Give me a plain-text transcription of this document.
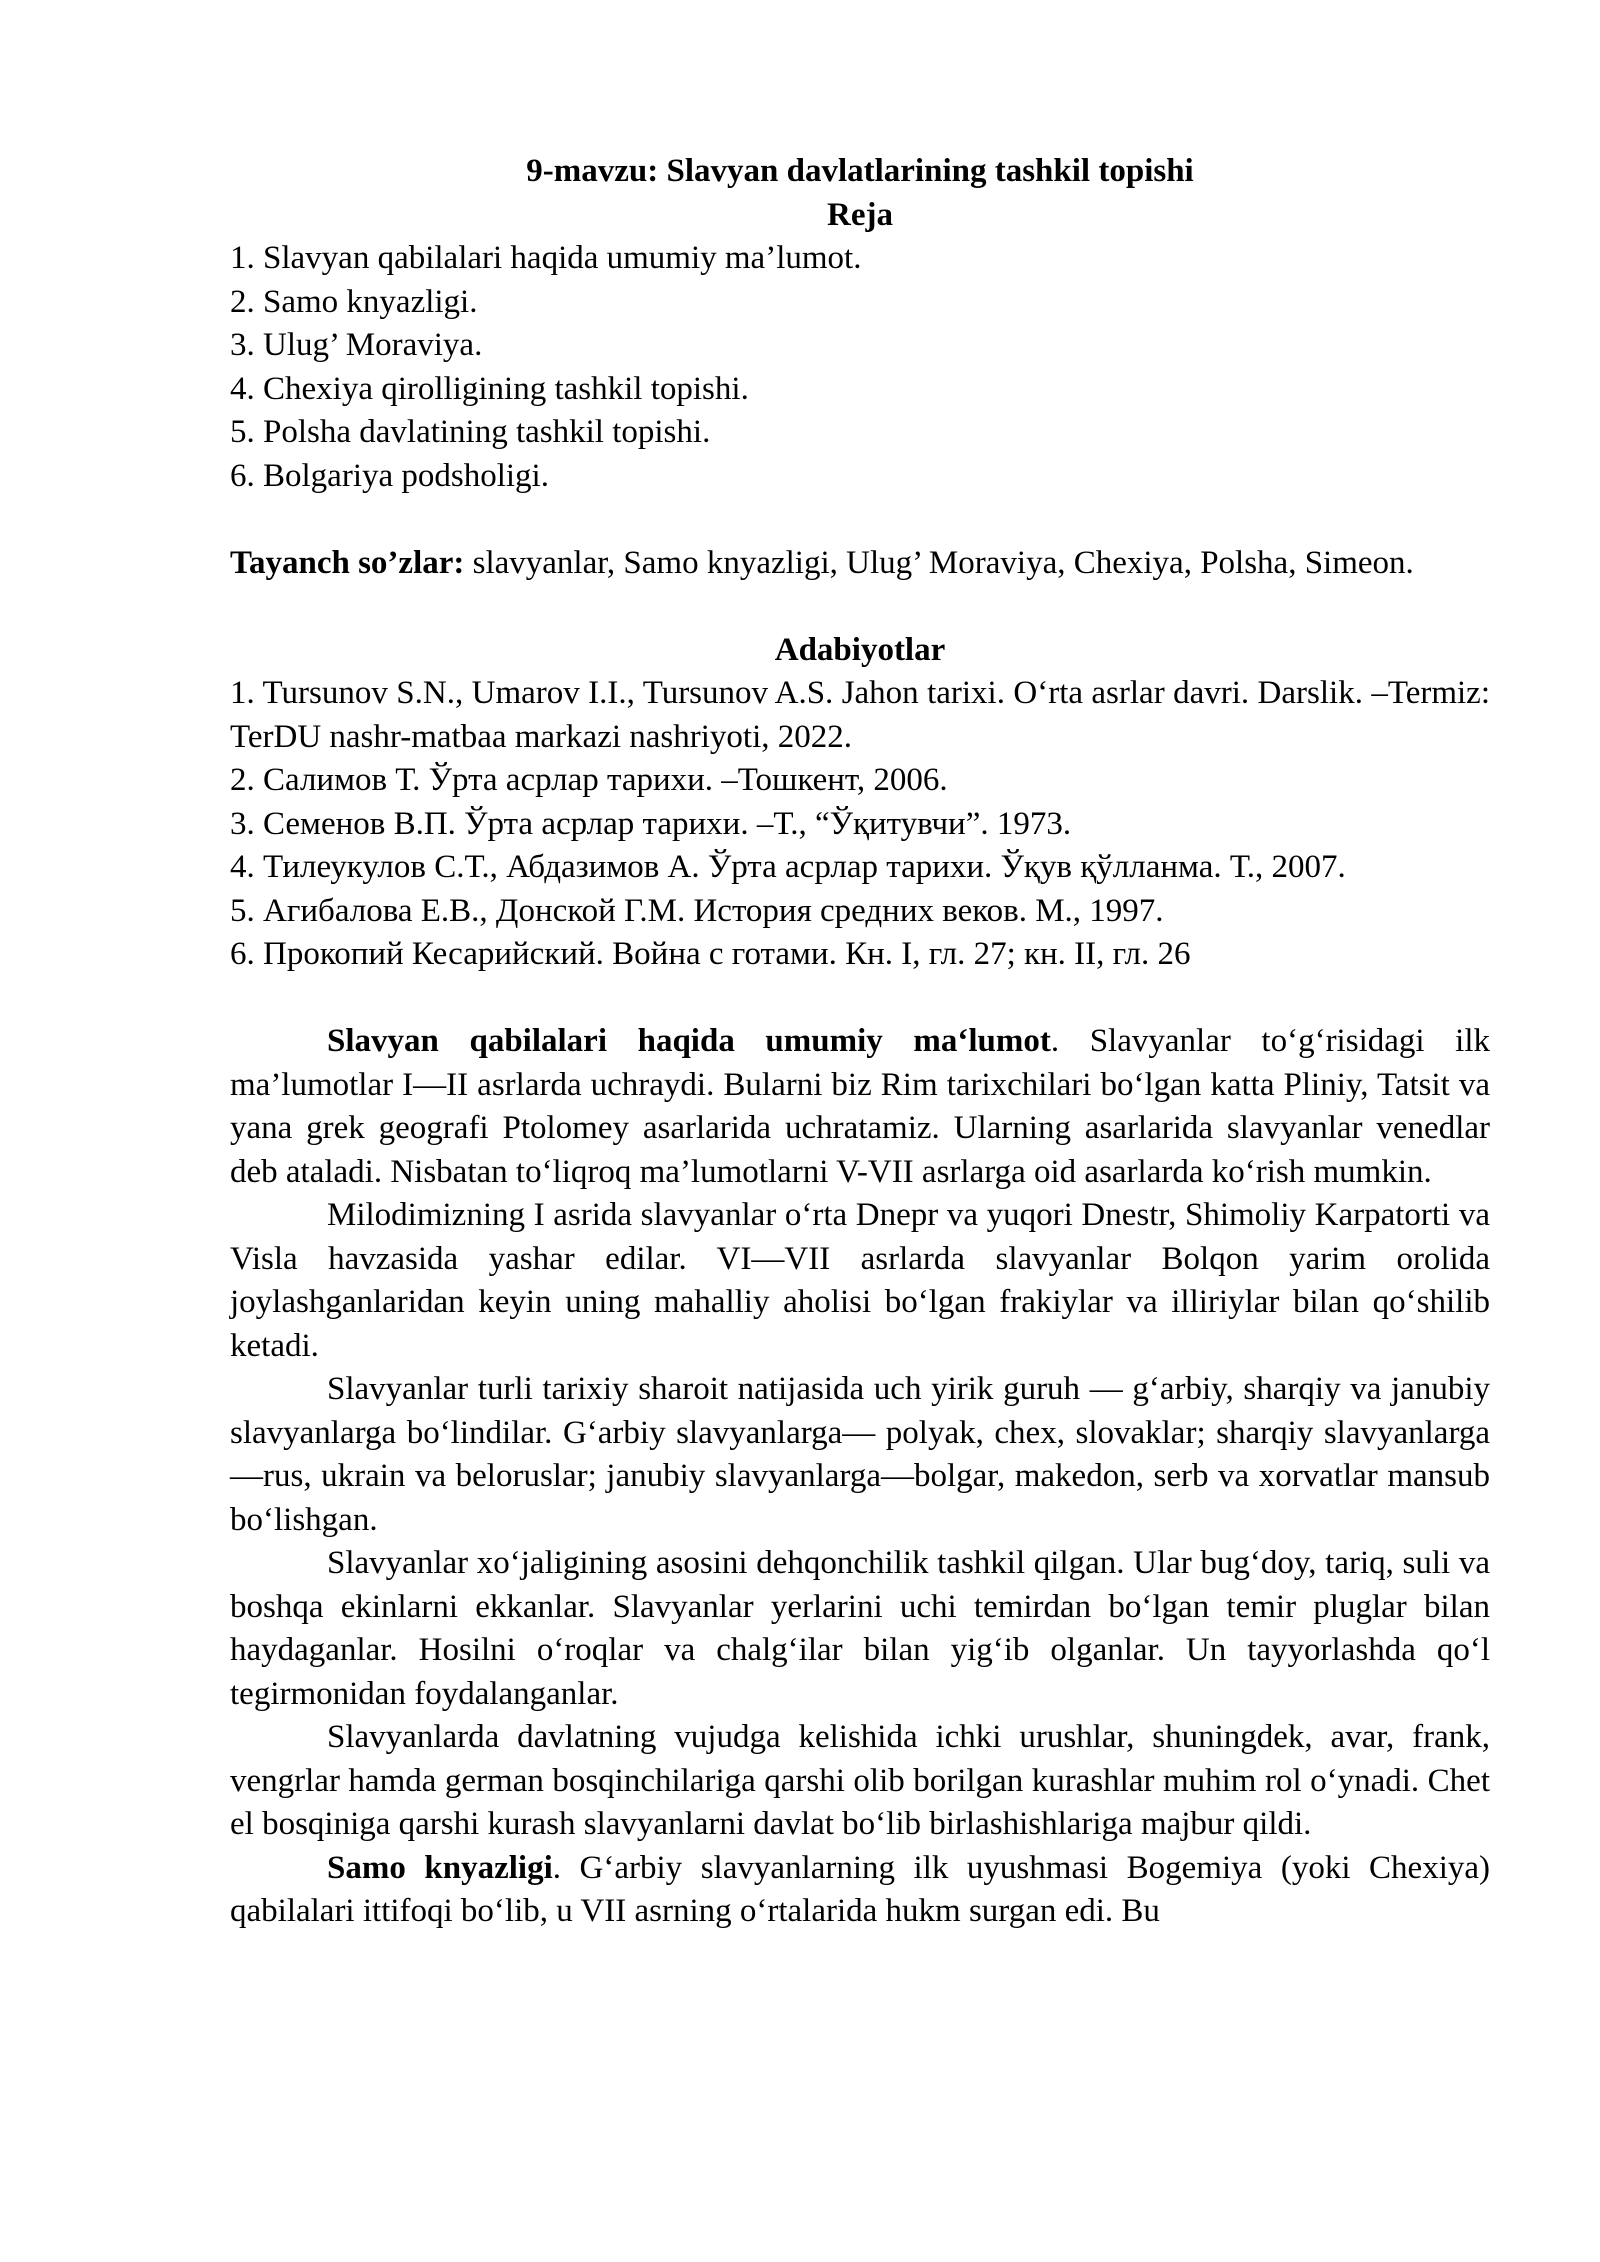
9-mavzu: Slavyan davlatlarining tashkil topishi
Reja
1. Slavyan qabilalari haqida umumiy ma’lumot.
2. Samo knyazligi.
3. Ulug’ Moraviya.
4. Chexiya qirolligining tashkil topishi.
5. Polsha davlatining tashkil topishi.
6. Bolgariya podsholigi.
Tayanch so’zlar: slavyanlar, Samo knyazligi, Ulug’ Moraviya, Chexiya, Polsha, Simeon.
Adabiyotlar
1. Tursunov S.N., Umarov I.I., Tursunov A.S. Jahon tarixi. O‘rta asrlar davri. Darslik. –Termiz: TerDU nashr-matbaa markazi nashriyoti, 2022.
2. Салимов Т. Ўрта асрлар тарихи. –Тошкент, 2006.
3. Семенов В.П. Ўрта асрлар тарихи. –Т., “Ўқитувчи”. 1973.
4. Тилеукулов С.Т., Абдазимов А. Ўрта асрлар тарихи. Ўқув қўлланма. Т., 2007.
5. Агибалова Е.В., Донской Г.М. История средних веков. М., 1997.
6. Прокопий Кесарийский. Война с готами. Кн. I, гл. 27; кн. II, гл. 26

Slavyan qabilalari haqida umumiy ma‘lumot. Slavyanlar to‘g‘risidagi ilk ma’lumotlar I—II asrlarda uchraydi. Bularni biz Rim tarixchilari bo‘lgan katta Pliniy, Tatsit va yana grek geografi Ptolomey asarlarida uchratamiz. Ularning asarlarida slavyanlar venedlar deb ataladi. Nisbatan to‘liqroq ma’lumotlarni V-VII asrlarga oid asarlarda ko‘rish mumkin.

Milodimizning I asrida slavyanlar o‘rta Dnepr va yuqori Dnestr, Shimoliy Karpatorti va Visla havzasida yashar edilar. VI—VII asrlarda slavyanlar Bolqon yarim orolida joylashganlaridan keyin uning mahalliy aholisi bo‘lgan frakiylar va illiriylar bilan qo‘shilib ketadi.

Slavyanlar turli tarixiy sharoit natijasida uch yirik guruh — g‘arbiy, sharqiy va janubiy slavyanlarga bo‘lindilar. G‘arbiy slavyanlarga— polyak, chex, slovaklar; sharqiy slavyanlarga—rus, ukrain va beloruslar; janubiy slavyanlarga—bolgar, makedon, serb va xorvatlar mansub bo‘lishgan.

Slavyanlar xo‘jaligining asosini dehqonchilik tashkil qilgan. Ular bug‘doy, tariq, suli va boshqa ekinlarni ekkanlar. Slavyanlar yerlarini uchi temirdan bo‘lgan temir pluglar bilan haydaganlar. Hosilni o‘roqlar va chalg‘ilar bilan yig‘ib olganlar. Un tayyorlashda qo‘l tegirmonidan foydalanganlar.

Slavyanlarda davlatning vujudga kelishida ichki urushlar, shuningdek, avar, frank, vengrlar hamda german bosqinchilariga qarshi olib borilgan kurashlar muhim rol o‘ynadi. Chet el bosqiniga qarshi kurash slavyanlarni davlat bo‘lib birlashishlariga majbur qildi.

Samo knyazligi. G‘arbiy slavyanlarning ilk uyushmasi Bogemiya (yoki Chexiya) qabilalari ittifoqi bo‘lib, u VII asrning o‘rtalarida hukm surgan edi. Bu
